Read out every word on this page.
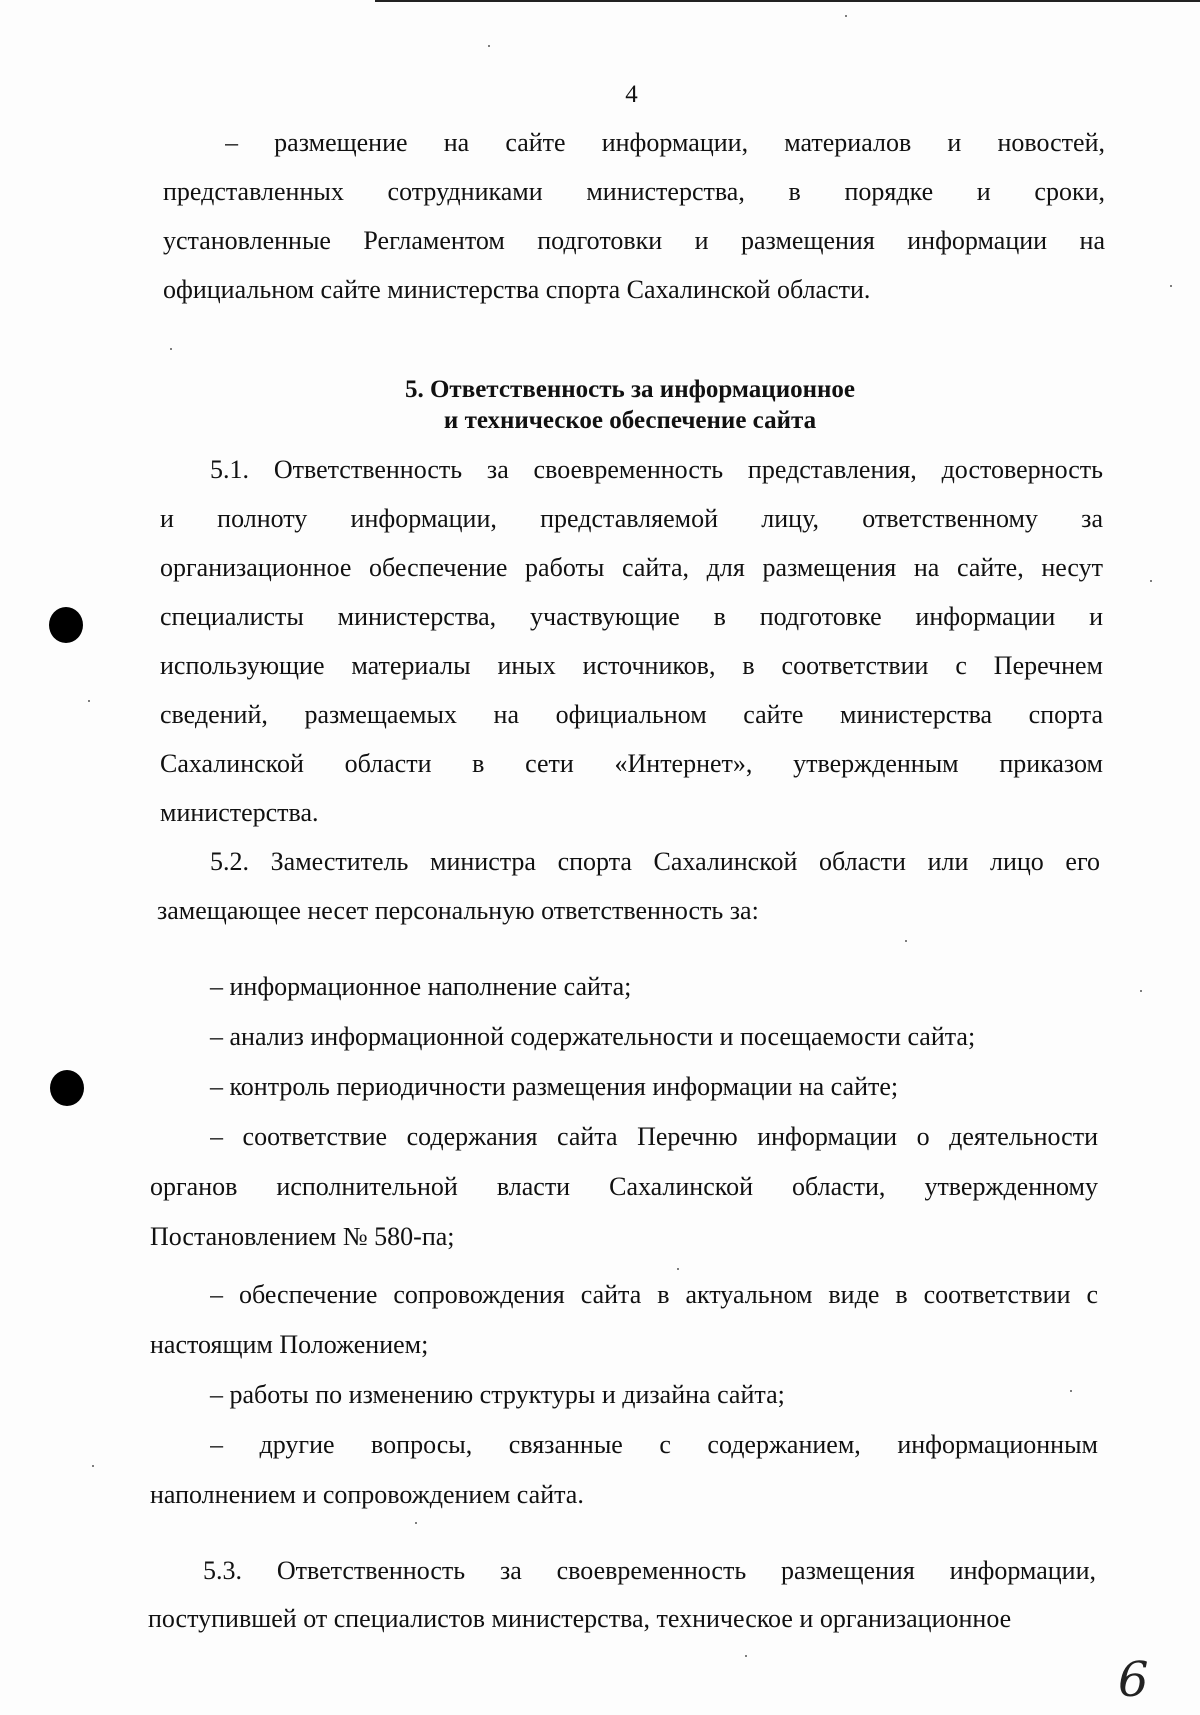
4
– размещение на сайте информации, материалов и новостей,
представленных сотрудниками министерства, в порядке и сроки,
установленные Регламентом подготовки и размещения информации на
официальном сайте министерства спорта Сахалинской области.
5. Ответственность за информационное
и техническое обеспечение сайта
5.1. Ответственность за своевременность представления, достоверность
и полноту информации, представляемой лицу, ответственному за
организационное обеспечение работы сайта, для размещения на сайте, несут
специалисты министерства, участвующие в подготовке информации и
использующие материалы иных источников, в соответствии с Перечнем
сведений, размещаемых на официальном сайте министерства спорта
Сахалинской области в сети «Интернет», утвержденным приказом
министерства.
5.2. Заместитель министра спорта Сахалинской области или лицо его
замещающее несет персональную ответственность за:
– информационное наполнение сайта;
– анализ информационной содержательности и посещаемости сайта;
– контроль периодичности размещения информации на сайте;
– соответствие содержания сайта Перечню информации о деятельности
органов исполнительной власти Сахалинской области, утвержденному
Постановлением № 580-па;
– обеспечение сопровождения сайта в актуальном виде в соответствии с
настоящим Положением;
– работы по изменению структуры и дизайна сайта;
– другие вопросы, связанные с содержанием, информационным
наполнением и сопровождением сайта.
5.3. Ответственность за своевременность размещения информации,
поступившей от специалистов министерства, техническое и организационное
6
